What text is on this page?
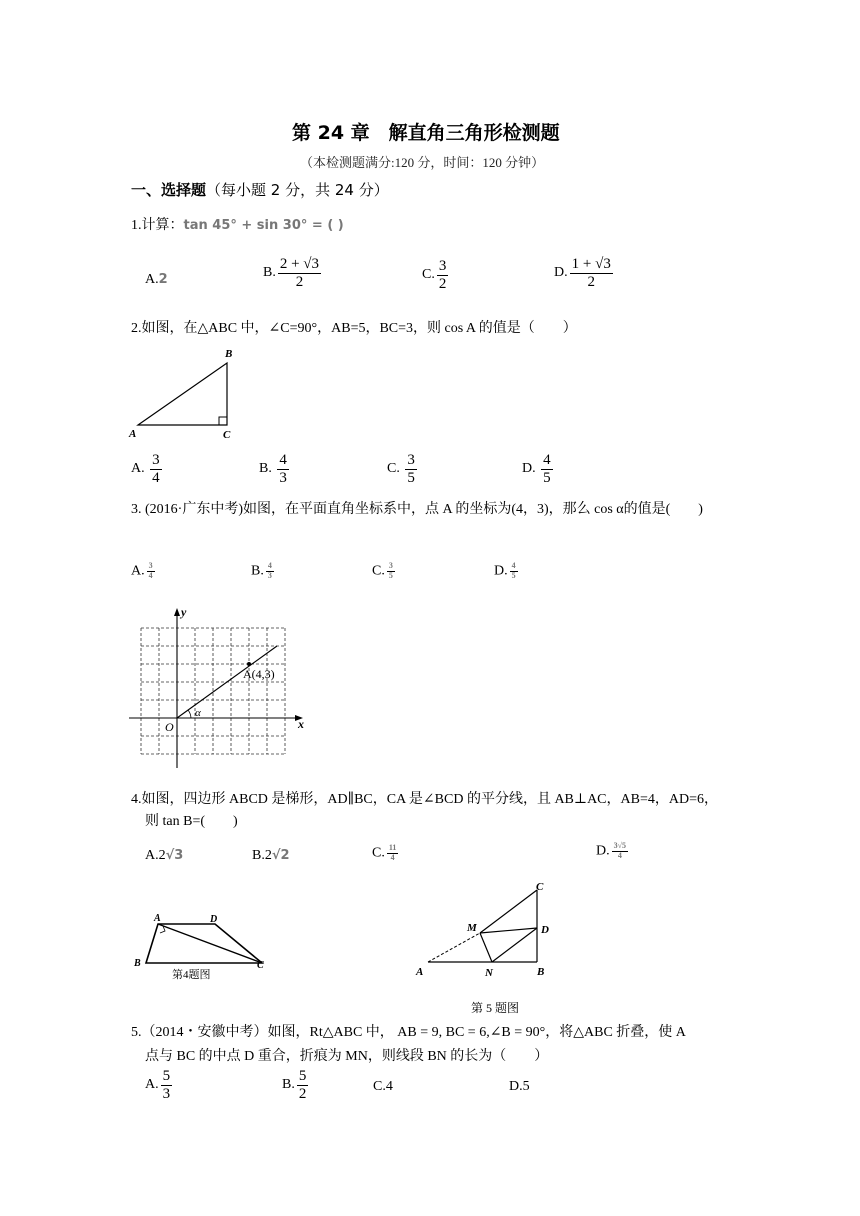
第 24 章　解直角三角形检测题
（本检测题满分:120 分，时间：120 分钟）
一、选择题（每小题 2 分，共 24 分）
1.计算：tan 45° + sin 30° = ( )
A.2	B. $\frac{2 + √3}{2}$	C. $\frac{3}{2}$	D. $\frac{1 + √3}{2}$
2.如图，在△ABC 中，∠C=90°，AB=5，BC=3，则 cos A 的值是（　　）
B
A	C
A. $\frac{3}{4}$	B. $\frac{4}{3}$	C. $\frac{3}{5}$	D. $\frac{4}{5}$
3. (2016·广东中考)如图，在平面直角坐标系中，点 A 的坐标为(4，3)，那么 cos α的值是(　　)
A. $\frac{3}{4}$	B. $\frac{4}{3}$	C. $\frac{3}{5}$	D. $\frac{4}{5}$
y
x
O
α
A(4,3)
4.如图，四边形 ABCD 是梯形，AD∥BC，CA 是∠BCD 的平分线，且 AB⊥AC，AB=4，AD=6，
则 tan B=(　　)
A.2√3	B.2√2	C. $\frac{11}{4}$	D. $\frac{3√5}{4}$
A	D
B	C
第4题图
C
M	D
A	N	B
第 5 题图
5.（2014・安徽中考）如图，Rt△ABC 中， AB = 9, BC = 6,∠B = 90°，将△ABC 折叠，使 A
点与 BC 的中点 D 重合，折痕为 MN，则线段 BN 的长为（　　）
A. $\frac{5}{3}$	B. $\frac{5}{2}$	C.4	D.5
